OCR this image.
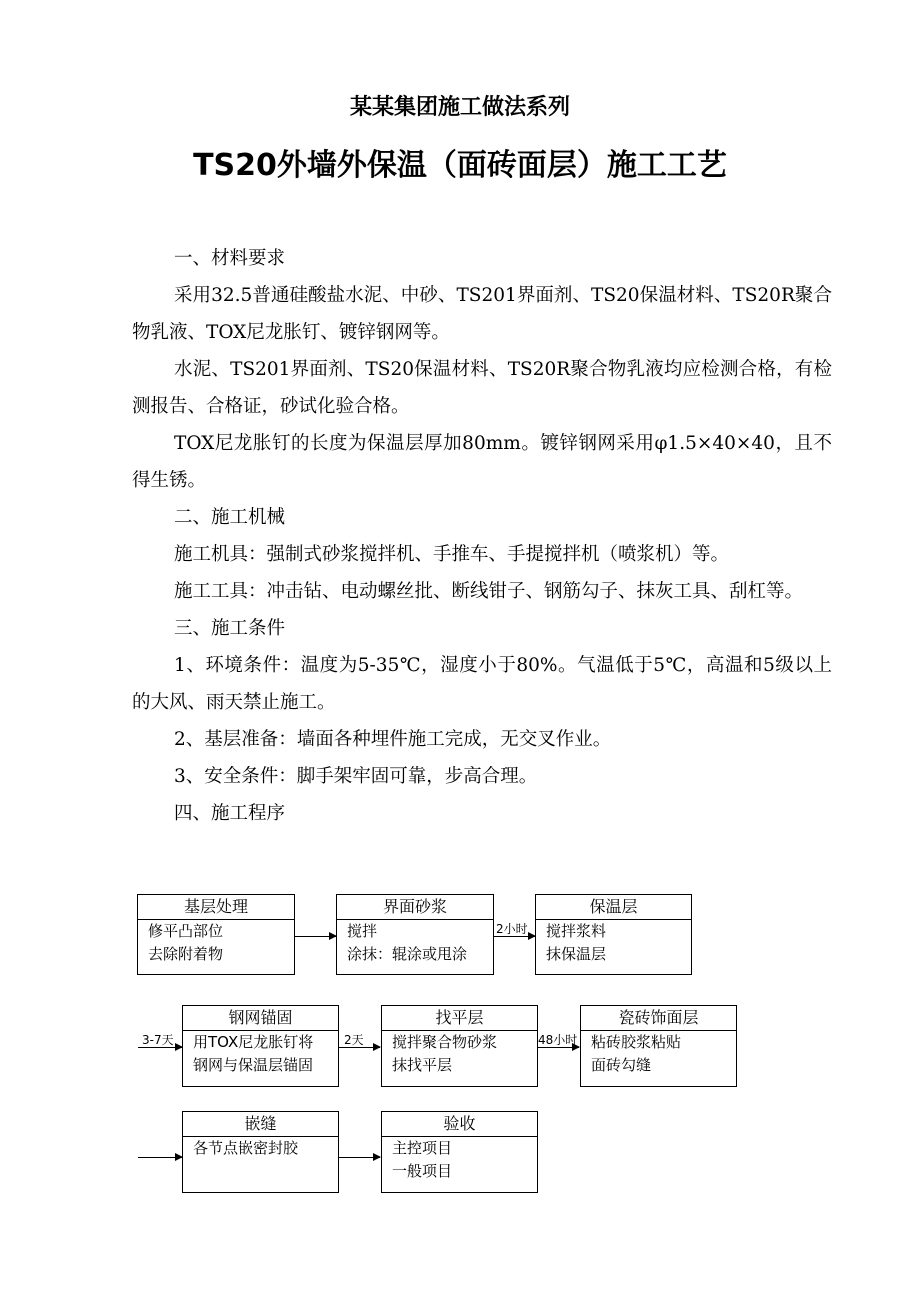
某某集团施工做法系列
TS20外墙外保温（面砖面层）施工工艺

一、材料要求

采用32.5普通硅酸盐水泥、中砂、TS201界面剂、TS20保温材料、TS20R聚合物乳液、TOX尼龙胀钉、镀锌钢网等。

水泥、TS201界面剂、TS20保温材料、TS20R聚合物乳液均应检测合格，有检测报告、合格证，砂试化验合格。

TOX尼龙胀钉的长度为保温层厚加80mm。镀锌钢网采用φ1.5×40×40，且不得生锈。

二、施工机械

施工机具：强制式砂浆搅拌机、手推车、手提搅拌机（喷浆机）等。

施工工具：冲击钻、电动螺丝批、断线钳子、钢筋勾子、抹灰工具、刮杠等。

三、施工条件

1、环境条件：温度为5-35℃，湿度小于80%。气温低于5℃，高温和5级以上的大风、雨天禁止施工。

2、基层准备：墙面各种埋件施工完成，无交叉作业。

3、安全条件：脚手架牢固可靠，步高合理。

四、施工程序

2小时
3-7天	2天	48小时
基层处理
修平凸部位
去除附着物
界面砂浆
搅拌
涂抹：辊涂或甩涂
保温层
搅拌浆料
抹保温层
钢网锚固
用TOX尼龙胀钉将
钢网与保温层锚固
找平层
搅拌聚合物砂浆
抹找平层
瓷砖饰面层
粘砖胶浆粘贴
面砖勾缝
嵌缝
各节点嵌密封胶
验收
主控项目
一般项目
